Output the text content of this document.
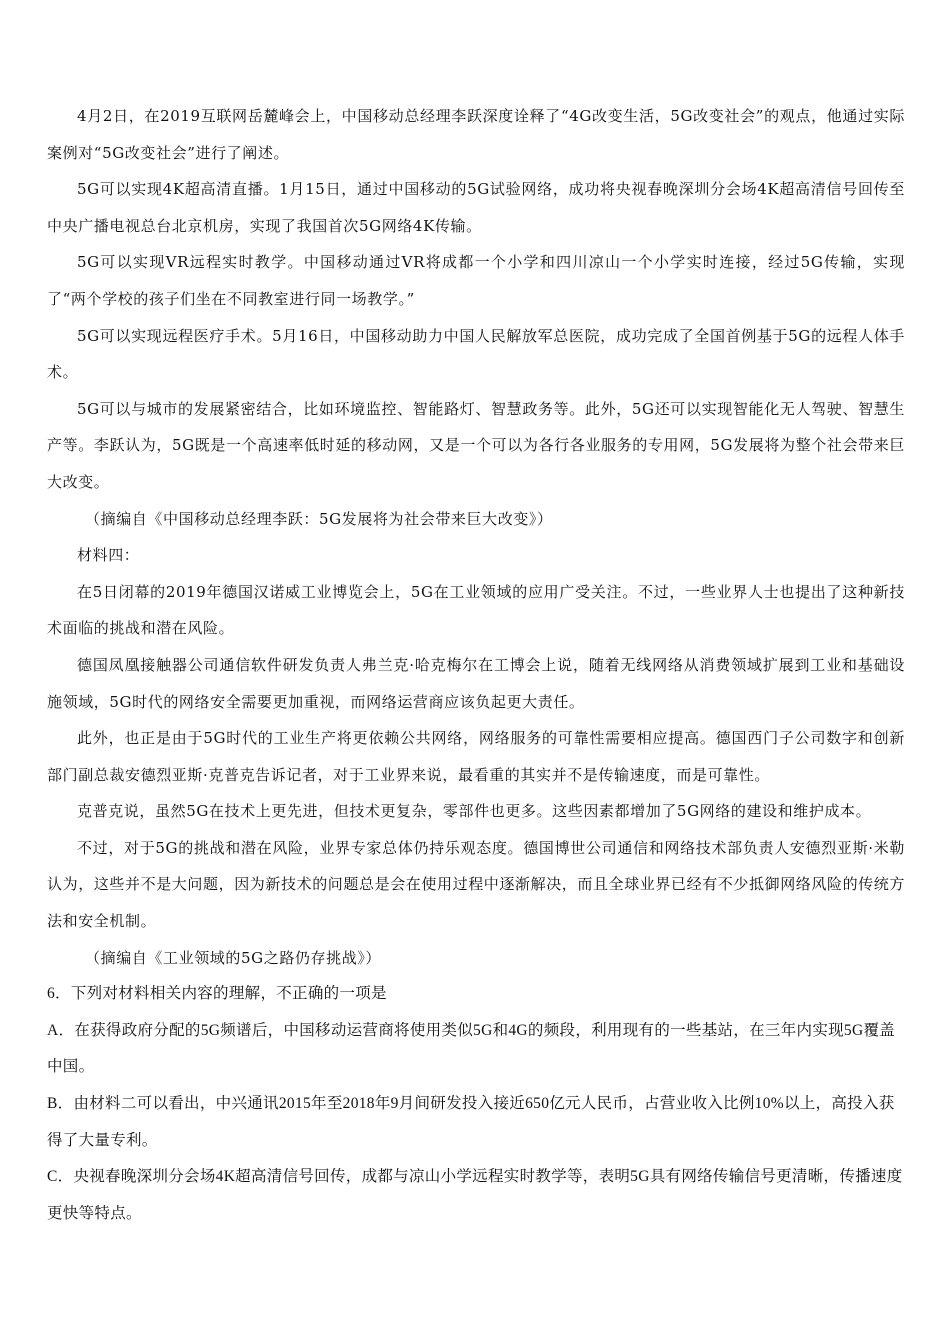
4月2日，在2019互联网岳麓峰会上，中国移动总经理李跃深度诠释了“4G改变生活，5G改变社会”的观点，他通过实际案例对“5G改变社会”进行了阐述。

5G可以实现4K超高清直播。1月15日，通过中国移动的5G试验网络，成功将央视春晚深圳分会场4K超高清信号回传至中央广播电视总台北京机房，实现了我国首次5G网络4K传输。

5G可以实现VR远程实时教学。中国移动通过VR将成都一个小学和四川凉山一个小学实时连接，经过5G传输，实现了“两个学校的孩子们坐在不同教室进行同一场教学。”

5G可以实现远程医疗手术。5月16日，中国移动助力中国人民解放军总医院，成功完成了全国首例基于5G的远程人体手术。

5G可以与城市的发展紧密结合，比如环境监控、智能路灯、智慧政务等。此外，5G还可以实现智能化无人驾驶、智慧生产等。李跃认为，5G既是一个高速率低时延的移动网，又是一个可以为各行各业服务的专用网，5G发展将为整个社会带来巨大改变。

（摘编自《中国移动总经理李跃：5G发展将为社会带来巨大改变》）

材料四：

在5日闭幕的2019年德国汉诺威工业博览会上，5G在工业领域的应用广受关注。不过，一些业界人士也提出了这种新技术面临的挑战和潜在风险。

德国凤凰接触器公司通信软件研发负责人弗兰克·哈克梅尔在工博会上说，随着无线网络从消费领域扩展到工业和基础设施领域，5G时代的网络安全需要更加重视，而网络运营商应该负起更大责任。

此外，也正是由于5G时代的工业生产将更依赖公共网络，网络服务的可靠性需要相应提高。德国西门子公司数字和创新部门副总裁安德烈亚斯·克普克告诉记者，对于工业界来说，最看重的其实并不是传输速度，而是可靠性。

克普克说，虽然5G在技术上更先进，但技术更复杂，零部件也更多。这些因素都增加了5G网络的建设和维护成本。

不过，对于5G的挑战和潜在风险，业界专家总体仍持乐观态度。德国博世公司通信和网络技术部负责人安德烈亚斯·米勒认为，这些并不是大问题，因为新技术的问题总是会在使用过程中逐渐解决，而且全球业界已经有不少抵御网络风险的传统方法和安全机制。

（摘编自《工业领域的5G之路仍存挑战》）

6．下列对材料相关内容的理解，不正确的一项是

A．在获得政府分配的5G频谱后，中国移动运营商将使用类似5G和4G的频段，利用现有的一些基站，在三年内实现5G覆盖中国。

B．由材料二可以看出，中兴通讯2015年至2018年9月间研发投入接近650亿元人民币，占营业收入比例10%以上，高投入获得了大量专利。

C．央视春晚深圳分会场4K超高清信号回传，成都与凉山小学远程实时教学等，表明5G具有网络传输信号更清晰，传播速度更快等特点。
